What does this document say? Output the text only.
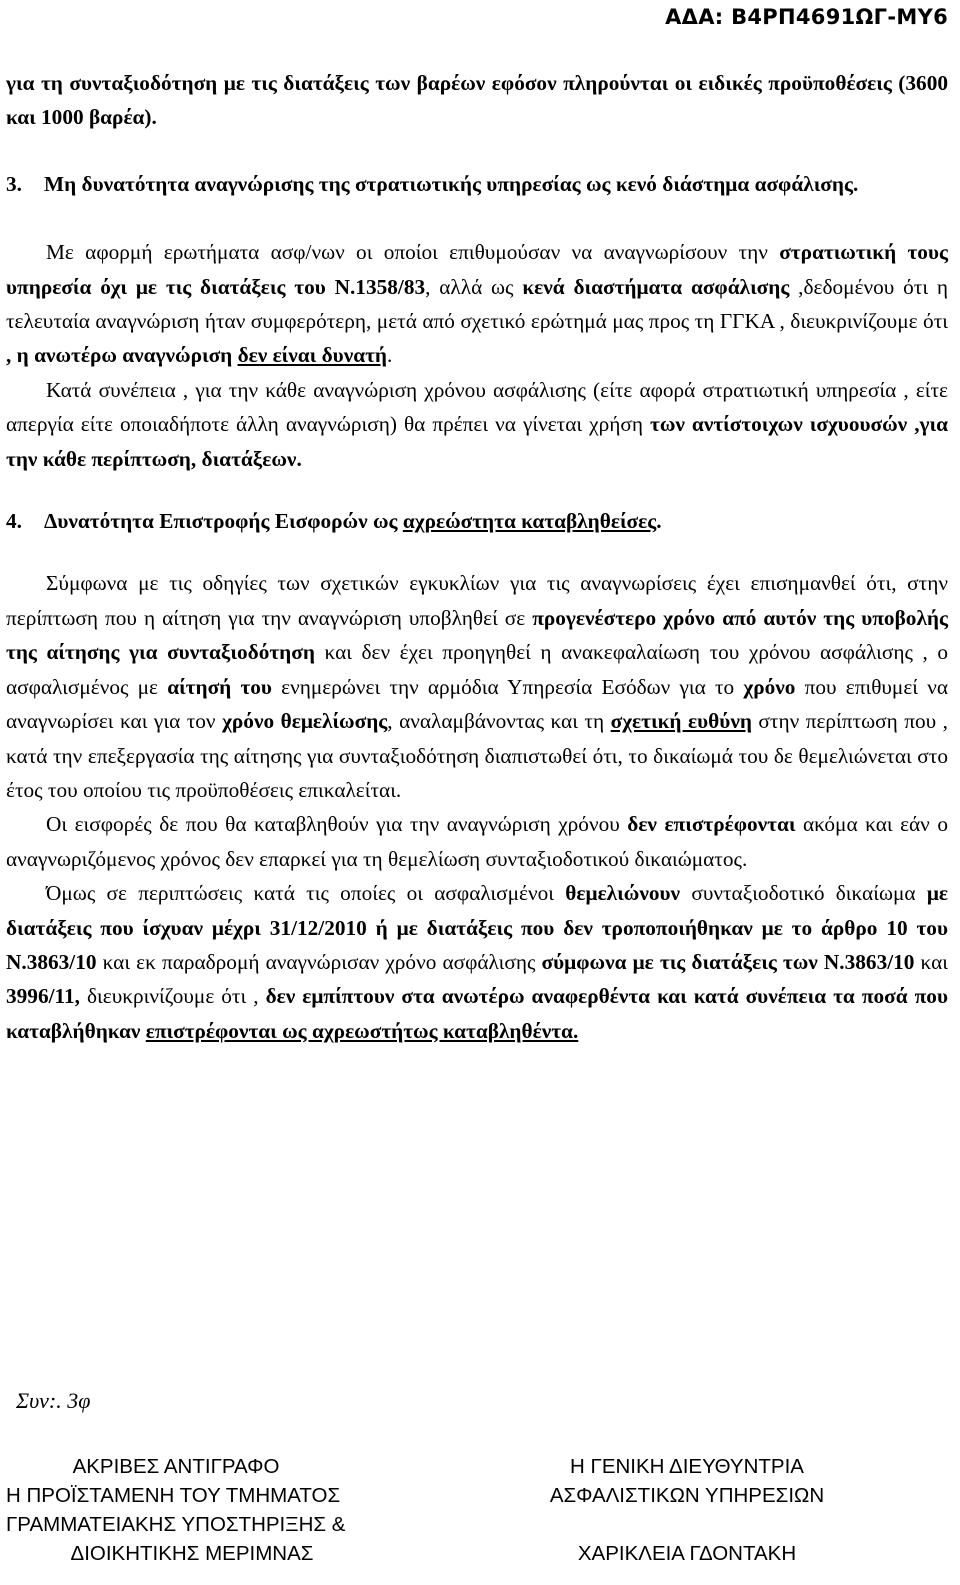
ΑΔΑ: Β4ΡΠ4691ΩΓ-ΜΥ6

για τη συνταξιοδότηση με τις διατάξεις των βαρέων εφόσον πληρούνται οι ειδικές προϋποθέσεις (3600 και 1000 βαρέα).

3. Μη δυνατότητα αναγνώρισης της στρατιωτικής υπηρεσίας ως κενό διάστημα ασφάλισης.

Με αφορμή ερωτήματα ασφ/νων οι οποίοι επιθυμούσαν να αναγνωρίσουν την στρατιωτική τους υπηρεσία όχι με τις διατάξεις του Ν.1358/83, αλλά ως κενά διαστήματα ασφάλισης ,δεδομένου ότι η τελευταία αναγνώριση ήταν συμφερότερη, μετά από σχετικό ερώτημά μας προς τη ΓΓΚΑ , διευκρινίζουμε ότι , η ανωτέρω αναγνώριση δεν είναι δυνατή.

Κατά συνέπεια , για την κάθε αναγνώριση χρόνου ασφάλισης (είτε αφορά στρατιωτική υπηρεσία , είτε απεργία είτε οποιαδήποτε άλλη αναγνώριση) θα πρέπει να γίνεται χρήση των αντίστοιχων ισχυουσών ,για την κάθε περίπτωση, διατάξεων.

4. Δυνατότητα Επιστροφής Εισφορών ως αχρεώστητα καταβληθείσες.

Σύμφωνα με τις οδηγίες των σχετικών εγκυκλίων για τις αναγνωρίσεις έχει επισημανθεί ότι, στην περίπτωση που η αίτηση για την αναγνώριση υποβληθεί σε προγενέστερο χρόνο από αυτόν της υποβολής της αίτησης για συνταξιοδότηση και δεν έχει προηγηθεί η ανακεφαλαίωση του χρόνου ασφάλισης , ο ασφαλισμένος με αίτησή του ενημερώνει την αρμόδια Υπηρεσία Εσόδων για το χρόνο που επιθυμεί να αναγνωρίσει και για τον χρόνο θεμελίωσης, αναλαμβάνοντας και τη σχετική ευθύνη στην περίπτωση που , κατά την επεξεργασία της αίτησης για συνταξιοδότηση διαπιστωθεί ότι, το δικαίωμά του δε θεμελιώνεται στο έτος του οποίου τις προϋποθέσεις επικαλείται.

Οι εισφορές δε που θα καταβληθούν για την αναγνώριση χρόνου δεν επιστρέφονται ακόμα και εάν ο αναγνωριζόμενος χρόνος δεν επαρκεί για τη θεμελίωση συνταξιοδοτικού δικαιώματος.

Όμως σε περιπτώσεις κατά τις οποίες οι ασφαλισμένοι θεμελιώνουν συνταξιοδοτικό δικαίωμα με διατάξεις που ίσχυαν μέχρι 31/12/2010 ή με διατάξεις που δεν τροποποιήθηκαν με το άρθρο 10 του Ν.3863/10 και εκ παραδρομή αναγνώρισαν χρόνο ασφάλισης σύμφωνα με τις διατάξεις των Ν.3863/10 και 3996/11, διευκρινίζουμε ότι , δεν εμπίπτουν στα ανωτέρω αναφερθέντα και κατά συνέπεια τα ποσά που καταβλήθηκαν επιστρέφονται ως αχρεωστήτως καταβληθέντα.

Συν:. 3φ
ΑΚΡΙΒΕΣ ΑΝΤΙΓΡΑΦΟ
Η ΠΡΟΪΣΤΑΜΕΝΗ ΤΟΥ ΤΜΗΜΑΤΟΣ
ΓΡΑΜΜΑΤΕΙΑΚΗΣ ΥΠΟΣΤΗΡΙΞΗΣ &
ΔΙΟΙΚΗΤΙΚΗΣ ΜΕΡΙΜΝΑΣ
Η ΓΕΝΙΚΗ ΔΙΕΥΘΥΝΤΡΙΑ
ΑΣΦΑΛΙΣΤΙΚΩΝ ΥΠΗΡΕΣΙΩΝ
ΧΑΡΙΚΛΕΙΑ ΓΔΟΝΤΑΚΗ
